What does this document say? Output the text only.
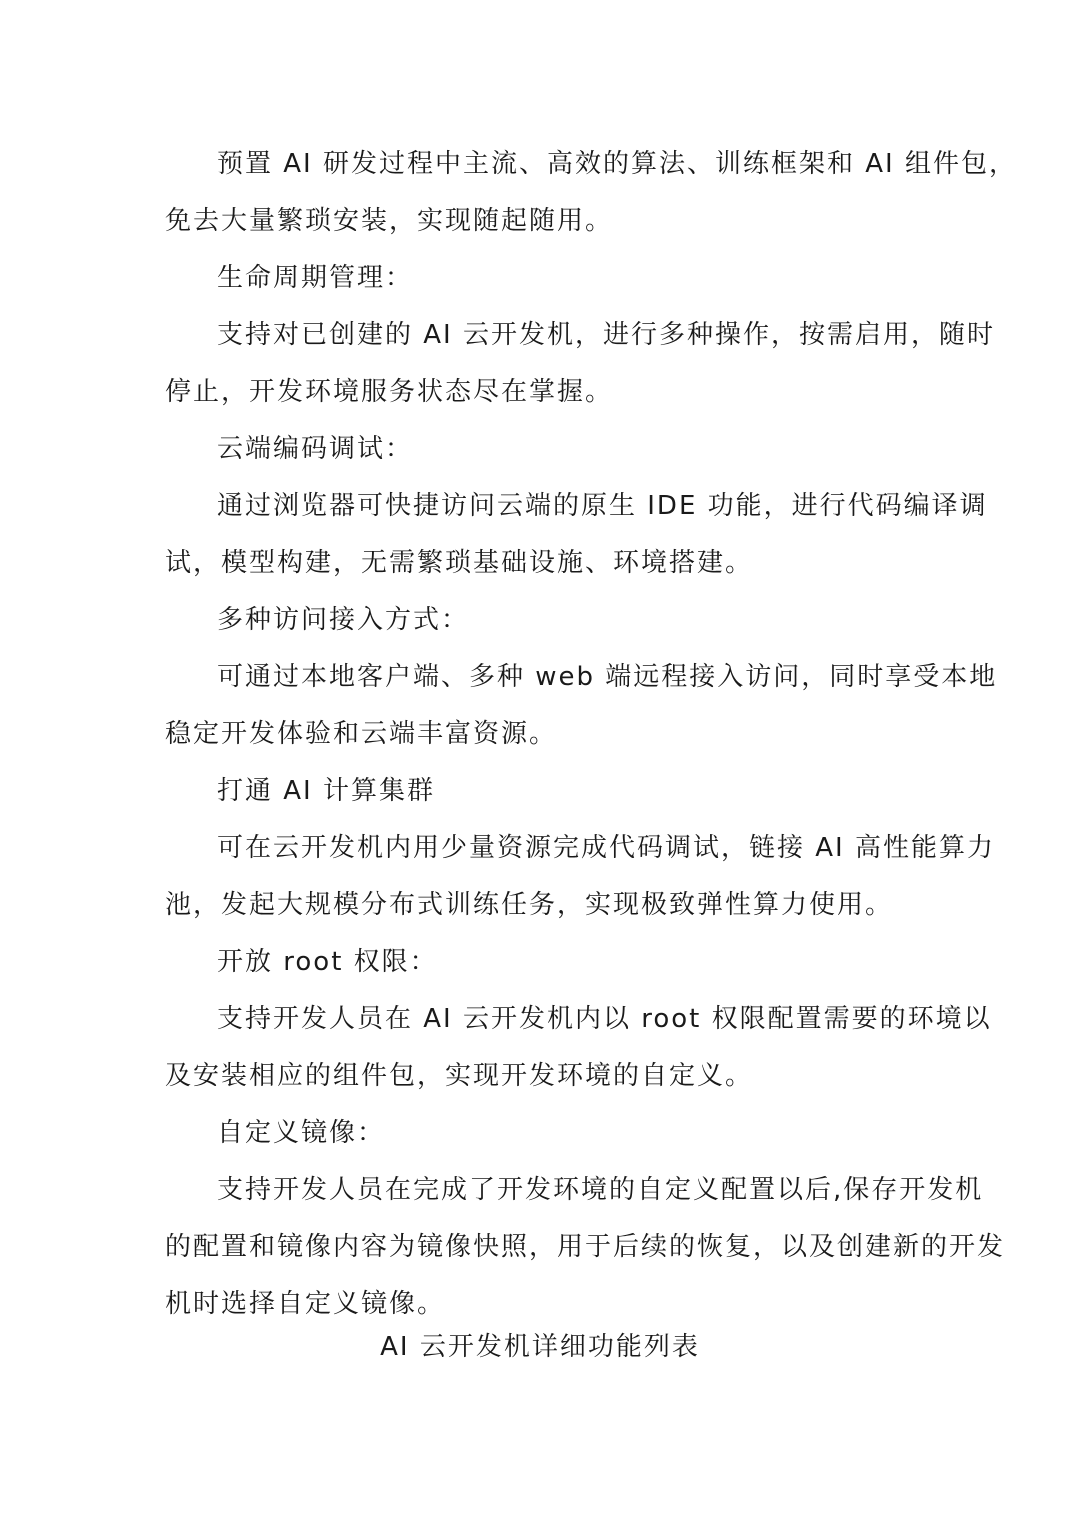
预置 AI 研发过程中主流、高效的算法、训练框架和 AI 组件包，
免去大量繁琐安装，实现随起随用。
生命周期管理：
支持对已创建的 AI 云开发机，进行多种操作，按需启用，随时
停止，开发环境服务状态尽在掌握。
云端编码调试：
通过浏览器可快捷访问云端的原生 IDE 功能，进行代码编译调
试，模型构建，无需繁琐基础设施、环境搭建。
多种访问接入方式：
可通过本地客户端、多种 web 端远程接入访问，同时享受本地
稳定开发体验和云端丰富资源。
打通 AI 计算集群
可在云开发机内用少量资源完成代码调试，链接 AI 高性能算力
池，发起大规模分布式训练任务，实现极致弹性算力使用。
开放 root 权限：
支持开发人员在 AI 云开发机内以 root 权限配置需要的环境以
及安装相应的组件包，实现开发环境的自定义。
自定义镜像：
支持开发人员在完成了开发环境的自定义配置以后,保存开发机
的配置和镜像内容为镜像快照，用于后续的恢复，以及创建新的开发
机时选择自定义镜像。
AI 云开发机详细功能列表
